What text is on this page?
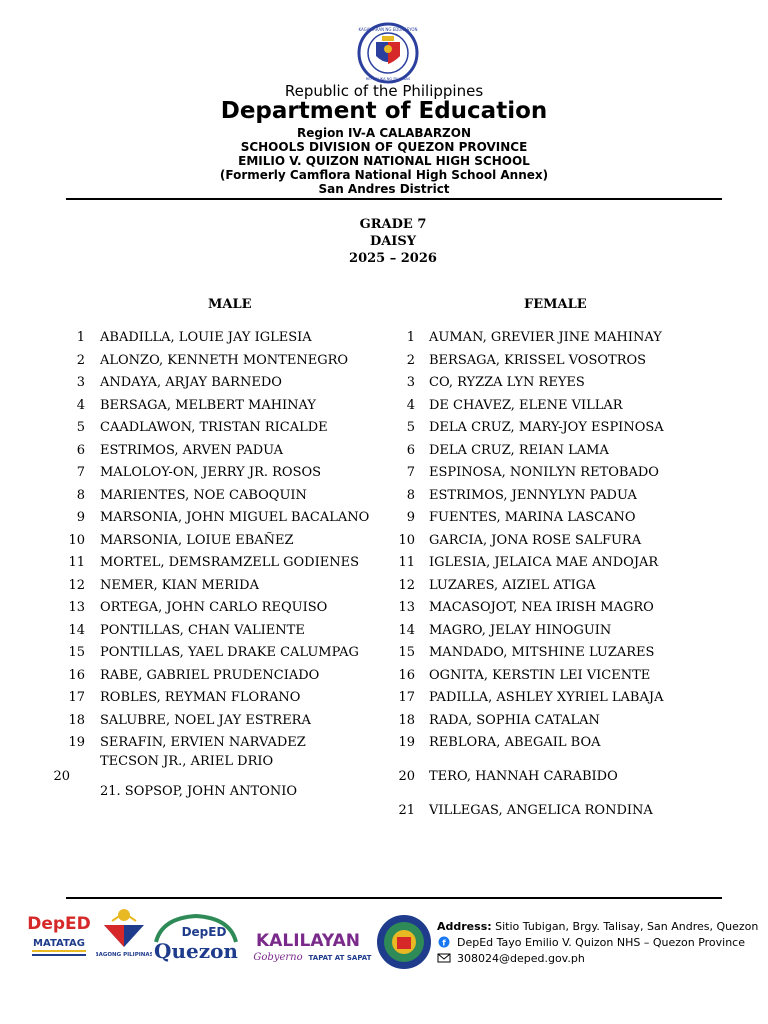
KAGAWARAN NG EDUKASYON
REPUBLIKA NG PILIPINAS
Republic of the Philippines
Department of Education
Region IV-A CALABARZON
SCHOOLS DIVISION OF QUEZON PROVINCE
EMILIO V. QUIZON NATIONAL HIGH SCHOOL
(Formerly Camflora National High School Annex)
San Andres District
GRADE 7
DAISY
2025 – 2026
MALE	FEMALE
1 ABADILLA, LOUIE JAY IGLESIA
2 ALONZO, KENNETH MONTENEGRO
3 ANDAYA, ARJAY BARNEDO
4 BERSAGA, MELBERT MAHINAY
5 CAADLAWON, TRISTAN RICALDE
6 ESTRIMOS, ARVEN PADUA
7 MALOLOY-ON, JERRY JR. ROSOS
8 MARIENTES, NOE CABOQUIN
9 MARSONIA, JOHN MIGUEL BACALANO
10 MARSONIA, LOIUE EBAÑEZ
11 MORTEL, DEMSRAMZELL GODIENES
12 NEMER, KIAN MERIDA
13 ORTEGA, JOHN CARLO REQUISO
14 PONTILLAS, CHAN VALIENTE
15 PONTILLAS, YAEL DRAKE CALUMPAG
16 RABE, GABRIEL PRUDENCIADO
17 ROBLES, REYMAN FLORANO
18 SALUBRE, NOEL JAY ESTRERA
19 SERAFIN, ERVIEN NARVADEZ
TECSON JR., ARIEL DRIO
20
21. SOPSOP, JOHN ANTONIO
1 AUMAN, GREVIER JINE MAHINAY
2 BERSAGA, KRISSEL VOSOTROS
3 CO, RYZZA LYN REYES
4 DE CHAVEZ, ELENE VILLAR
5 DELA CRUZ, MARY-JOY ESPINOSA
6 DELA CRUZ, REIAN LAMA
7 ESPINOSA, NONILYN RETOBADO
8 ESTRIMOS, JENNYLYN PADUA
9 FUENTES, MARINA LASCANO
10 GARCIA, JONA ROSE SALFURA
11 IGLESIA, JELAICA MAE ANDOJAR
12 LUZARES, AIZIEL ATIGA
13 MACASOJOT, NEA IRISH MAGRO
14 MAGRO, JELAY HINOGUIN
15 MANDADO, MITSHINE LUZARES
16 OGNITA, KERSTIN LEI VICENTE
17 PADILLA, ASHLEY XYRIEL LABAJA
18 RADA, SOPHIA CATALAN
19 REBLORA, ABEGAIL BOA
20 TERO, HANNAH CARABIDO
21 VILLEGAS, ANGELICA RONDINA
DepED
MATATAG
BAGONG PILIPINAS
DepED
Quezon KALILAYAN
Gobyerno TAPAT AT SAPAT
Address: Sitio Tubigan, Brgy. Talisay, San Andres, Quezon
f DepEd Tayo Emilio V. Quizon NHS – Quezon Province
308024@deped.gov.ph
